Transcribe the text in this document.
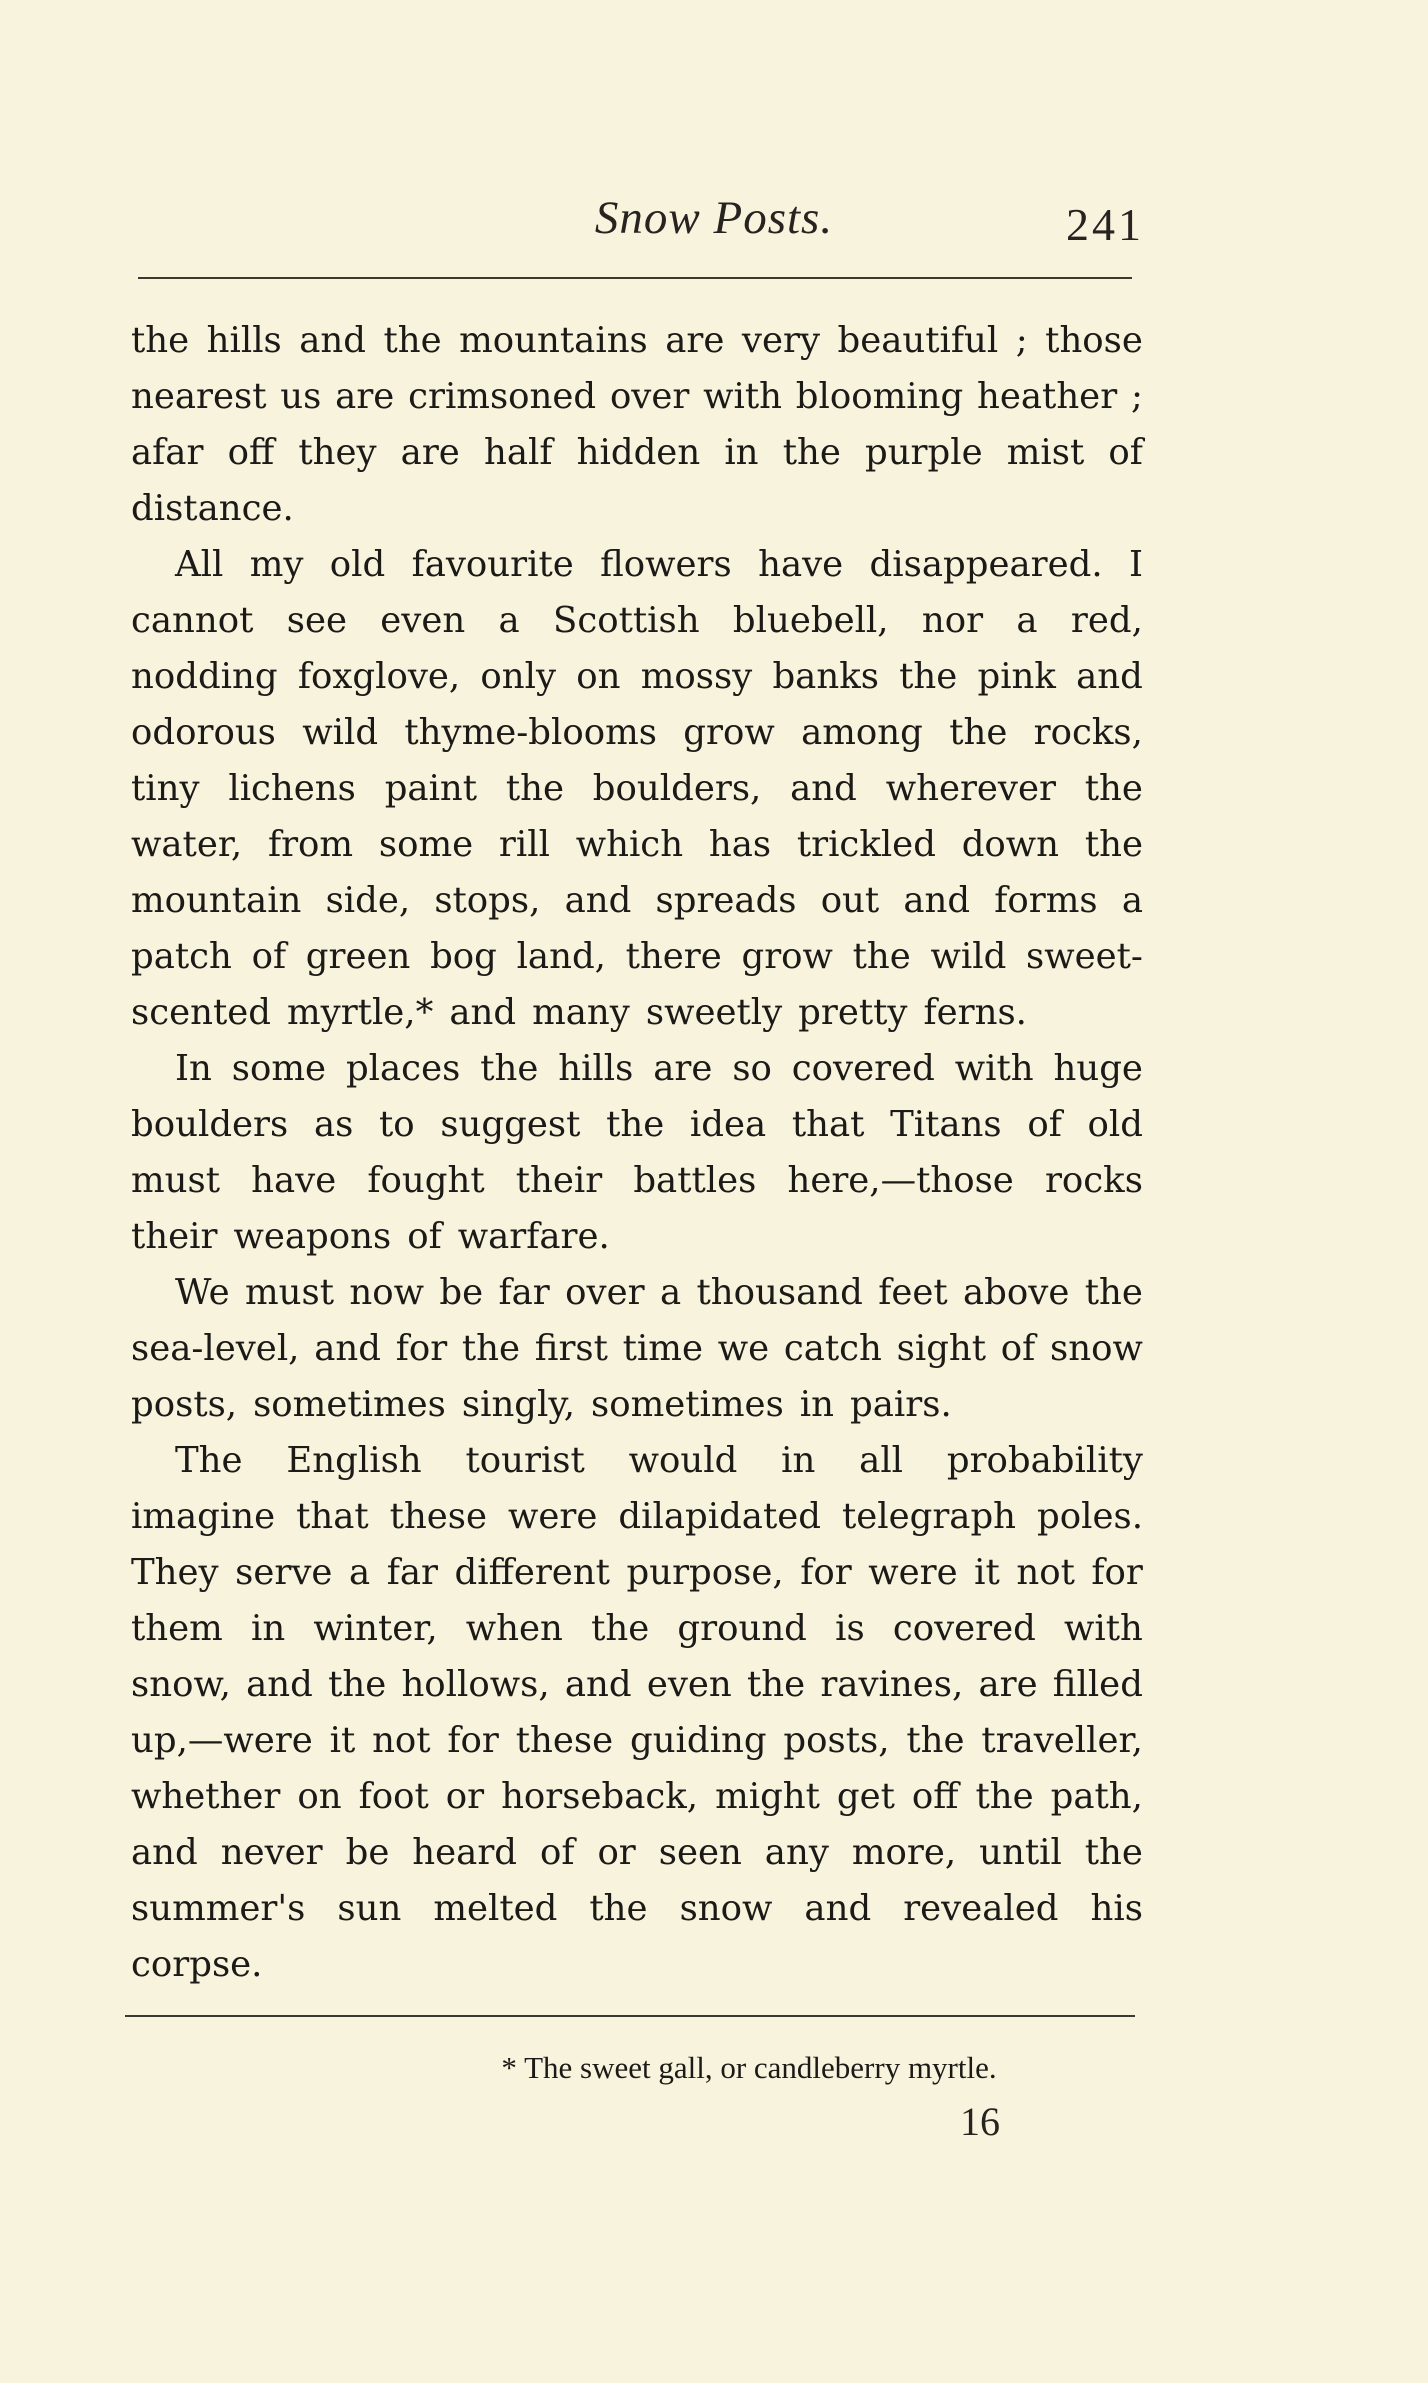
Snow Posts.	241
the hills and the mountains are very beautiful ; those
nearest us are crimsoned over with blooming heather ;
afar off they are half hidden in the purple mist of
distance.
All my old favourite flowers have disappeared. I
cannot see even a Scottish bluebell, nor a red,
nodding foxglove, only on mossy banks the pink and
odorous wild thyme-blooms grow among the rocks,
tiny lichens paint the boulders, and wherever the
water, from some rill which has trickled down the
mountain side, stops, and spreads out and forms a
patch of green bog land, there grow the wild sweet-
scented myrtle,* and many sweetly pretty ferns.
In some places the hills are so covered with huge
boulders as to suggest the idea that Titans of old
must have fought their battles here,—those rocks
their weapons of warfare.
We must now be far over a thousand feet above the
sea-level, and for the first time we catch sight of snow
posts, sometimes singly, sometimes in pairs.
The English tourist would in all probability
imagine that these were dilapidated telegraph poles.
They serve a far different purpose, for were it not for
them in winter, when the ground is covered with
snow, and the hollows, and even the ravines, are filled
up,—were it not for these guiding posts, the traveller,
whether on foot or horseback, might get off the path,
and never be heard of or seen any more, until the
summer's sun melted the snow and revealed his
corpse.
* The sweet gall, or candleberry myrtle.
16
